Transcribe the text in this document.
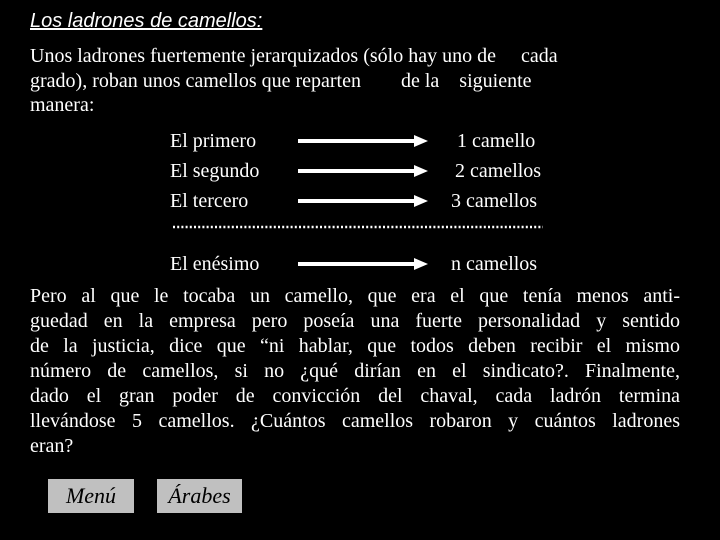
Los ladrones de camellos:
Unos ladrones fuertemente jerarquizados (sólo hay uno de     cada
grado), roban unos camellos que reparten        de la    siguiente
manera:
El primero	1 camello
El segundo	2 camellos
El tercero	3 camellos
El enésimo	n camellos
Pero al que le tocaba un camello, que era el que tenía menos anti-
guedad en la empresa pero poseía una fuerte personalidad y sentido
de la justicia, dice que “ni hablar, que todos deben recibir el mismo
número de camellos, si no ¿qué dirían en el sindicato?. Finalmente,
dado el gran poder de convicción del chaval, cada ladrón termina
llevándose 5 camellos. ¿Cuántos camellos robaron y cuántos ladrones
eran?
Menú	Árabes
